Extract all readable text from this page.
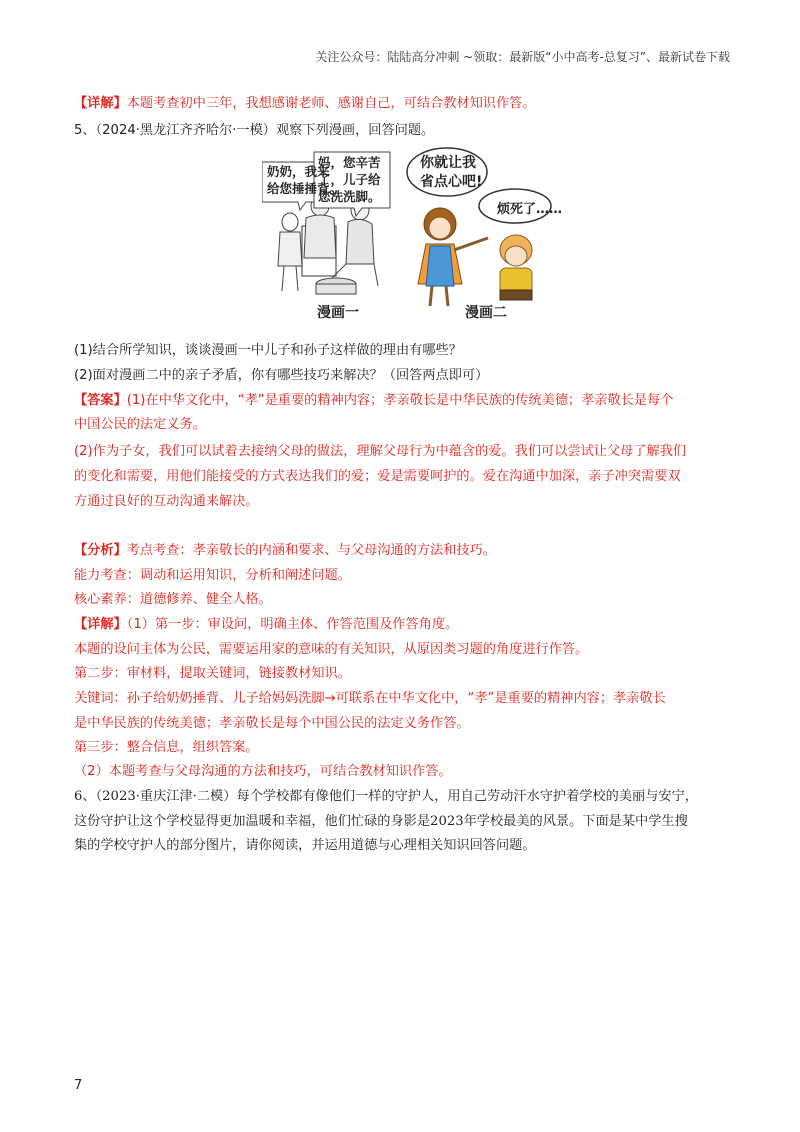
关注公众号：陆陆高分冲刺 ~领取：最新版“小中高考-总复习”、最新试卷下载
【详解】本题考查初中三年，我想感谢老师、感谢自己，可结合教材知识作答。
5、（2024·黑龙江齐齐哈尔·一模）观察下列漫画，回答问题。
奶奶，我来
给您捶捶背。
妈，您辛苦
了，儿子给
您洗洗脚。
你就让我
省点心吧!
烦死了……
漫画一	漫画二
(1)结合所学知识，谈谈漫画一中儿子和孙子这样做的理由有哪些？
(2)面对漫画二中的亲子矛盾，你有哪些技巧来解决？（回答两点即可）
【答案】(1)在中华文化中，“孝”是重要的精神内容；孝亲敬长是中华民族的传统美德；孝亲敬长是每个
中国公民的法定义务。
(2)作为子女，我们可以试着去接纳父母的做法，理解父母行为中蕴含的爱。我们可以尝试让父母了解我们
的变化和需要，用他们能接受的方式表达我们的爱；爱是需要呵护的。爱在沟通中加深，亲子冲突需要双
方通过良好的互动沟通来解决。
【分析】考点考查：孝亲敬长的内涵和要求、与父母沟通的方法和技巧。
能力考查：调动和运用知识，分析和阐述问题。
核心素养：道德修养、健全人格。
【详解】（1）第一步：审设问，明确主体、作答范围及作答角度。
本题的设问主体为公民，需要运用家的意味的有关知识，从原因类习题的角度进行作答。
第二步：审材料，提取关键词，链接教材知识。
关键词：孙子给奶奶捶背、儿子给妈妈洗脚→可联系在中华文化中，“孝”是重要的精神内容；孝亲敬长
是中华民族的传统美德；孝亲敬长是每个中国公民的法定义务作答。
第三步：整合信息，组织答案。
（2）本题考查与父母沟通的方法和技巧，可结合教材知识作答。
6、（2023·重庆江津·二模）每个学校都有像他们一样的守护人，用自己劳动汗水守护着学校的美丽与安宁，
这份守护让这个学校显得更加温暖和幸福，他们忙碌的身影是2023年学校最美的风景。下面是某中学生搜
集的学校守护人的部分图片，请你阅读，并运用道德与心理相关知识回答问题。
7
